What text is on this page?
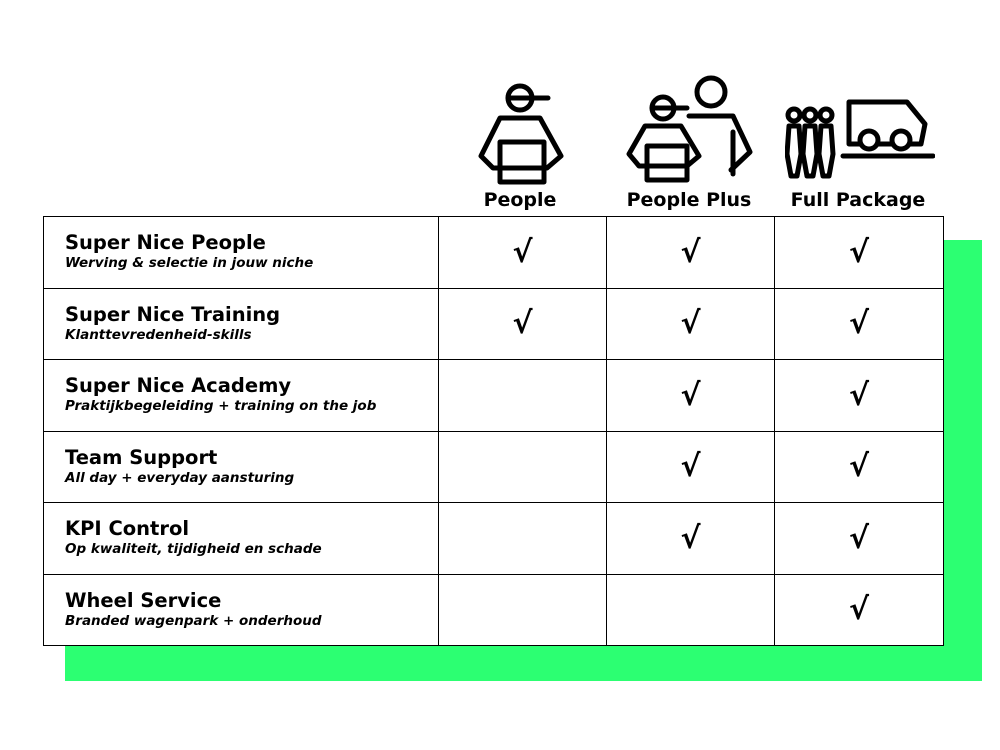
People	People Plus	Full Package
Super Nice People
Werving & selectie in jouw niche	√	√	√

Super Nice Training
Klanttevredenheid-skills	√	√	√

Super Nice Academy
Praktijkbegeleiding + training on the job		√	√

Team Support
All day + everyday aansturing		√	√

KPI Control
Op kwaliteit, tijdigheid en schade		√	√

Wheel Service
Branded wagenpark + onderhoud			√
